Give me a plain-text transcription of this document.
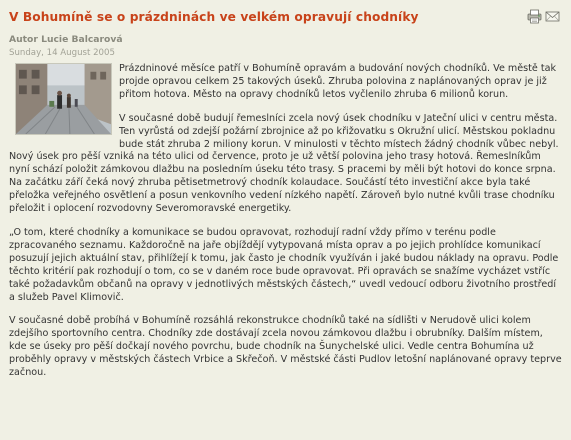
V Bohumíně se o prázdninách ve velkém opravují chodníky
Autor Lucie Balcarová
Sunday, 14 August 2005

Prázdninové měsíce patří v Bohumíně opravám a budování nových chodníků. Ve městě tak projde opravou celkem 25 takových úseků. Zhruba polovina z naplánovaných oprav je již přitom hotova. Město na opravy chodníků letos vyčlenilo zhruba 6 milionů korun.

V současné době budují řemeslníci zcela nový úsek chodníku v Jateční ulici v centru města. Ten vyrůstá od zdejší požární zbrojnice až po křižovatku s Okružní ulicí. Městskou pokladnu bude stát zhruba 2 miliony korun. V minulosti v těchto místech žádný chodník vůbec nebyl. Nový úsek pro pěší vzniká na této ulici od července, proto je už větší polovina jeho trasy hotová. Řemeslníkům nyní schází položit zámkovou dlažbu na posledním úseku této trasy. S pracemi by měli být hotovi do konce srpna. Na začátku září čeká nový zhruba pětisetmetrový chodník kolaudace. Součástí této investiční akce byla také přeložka veřejného osvětlení a posun venkovního vedení nízkého napětí. Zároveň bylo nutné kvůli trase chodníku přeložit i oplocení rozvodovny Severomoravské energetiky.

„O tom, které chodníky a komunikace se budou opravovat, rozhodují radní vždy přímo v terénu podle zpracovaného seznamu. Každoročně na jaře objíždějí vytypovaná místa oprav a po jejich prohlídce komunikací posuzují jejich aktuální stav, přihlížejí k tomu, jak často je chodník využíván i jaké budou náklady na opravu. Podle těchto kritérií pak rozhodují o tom, co se v daném roce bude opravovat. Při opravách se snažíme vycházet vstříc také požadavkům občanů na opravy v jednotlivých městských částech,“ uvedl vedoucí odboru životního prostředí a služeb Pavel Klimovič.

V současné době probíhá v Bohumíně rozsáhlá rekonstrukce chodníků také na sídlišti v Nerudově ulici kolem zdejšího sportovního centra. Chodníky zde dostávají zcela novou zámkovou dlažbu i obrubníky. Dalším místem, kde se úseky pro pěší dočkají nového povrchu, bude chodník na Šunychelské ulici. Vedle centra Bohumína už proběhly opravy v městských částech Vrbice a Skřečoň. V městské části Pudlov letošní naplánované opravy teprve začnou.
